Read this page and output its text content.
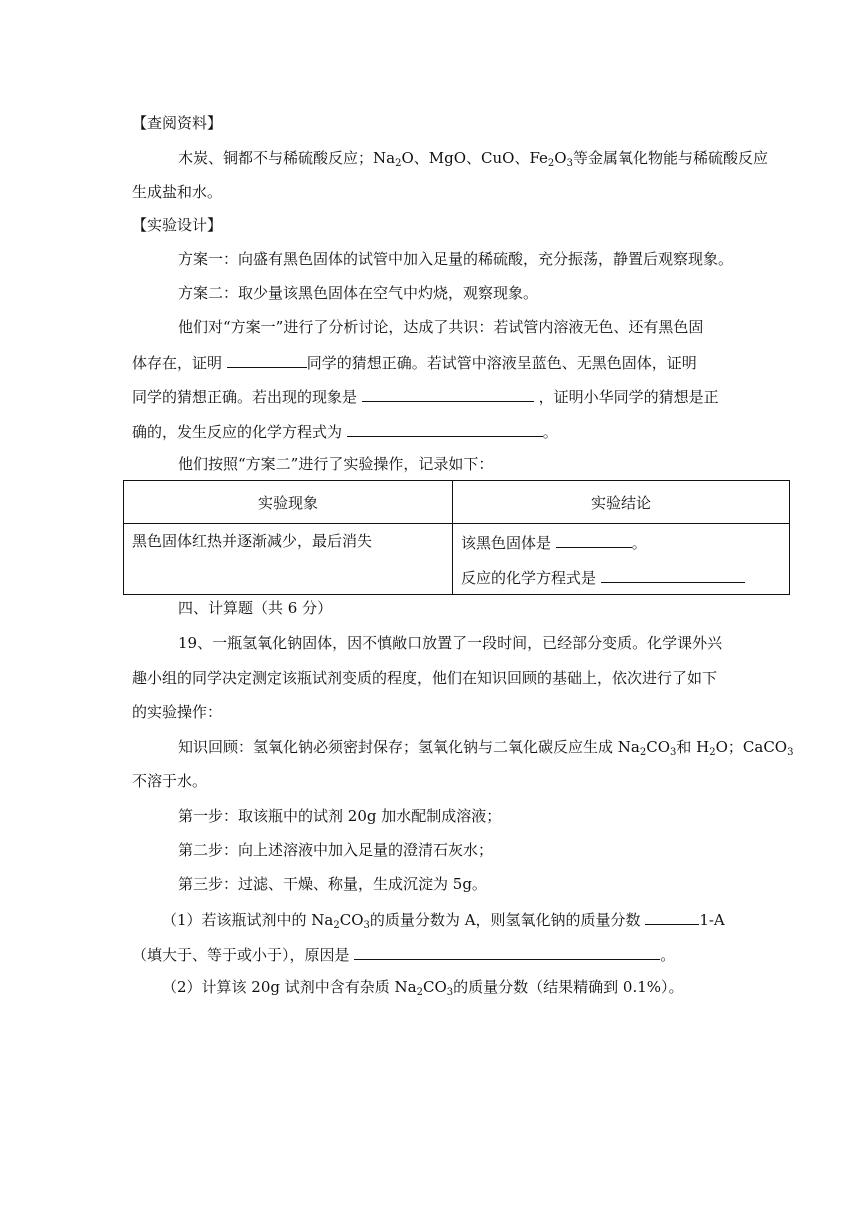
【查阅资料】
木炭、铜都不与稀硫酸反应；$Na_2O$、MgO、CuO、$Fe_2O_3$等金属氧化物能与稀硫酸反应
生成盐和水。
【实验设计】
方案一：向盛有黑色固体的试管中加入足量的稀硫酸，充分振荡，静置后观察现象。
方案二：取少量该黑色固体在空气中灼烧，观察现象。
他们对“方案一”进行了分析讨论，达成了共识：若试管内溶液无色、还有黑色固
体存在，证明	同学的猜想正确。若试管中溶液呈蓝色、无黑色固体，证明
同学的猜想正确。若出现的现象是	，证明小华同学的猜想是正
确的，发生反应的化学方程式为	。
他们按照“方案二”进行了实验操作，记录如下：
实验现象	实验结论

黑色固体红热并逐渐减少，最后消失	该黑色固体是 。
反应的化学方程式是
四、计算题（共 6 分）
19、一瓶氢氧化钠固体，因不慎敞口放置了一段时间，已经部分变质。化学课外兴
趣小组的同学决定测定该瓶试剂变质的程度，他们在知识回顾的基础上，依次进行了如下
的实验操作：
知识回顾：氢氧化钠必须密封保存；氢氧化钠与二氧化碳反应生成 $Na_2CO_3$和 $H_2O$；CaCO$_3$
不溶于水。
第一步：取该瓶中的试剂 20g 加水配制成溶液；
第二步：向上述溶液中加入足量的澄清石灰水；
第三步：过滤、干燥、称量，生成沉淀为 5g。
（1）若该瓶试剂中的 $Na_2CO_3$的质量分数为 A，则氢氧化钠的质量分数	1-A
（填大于、等于或小于），原因是	。
（2）计算该 20g 试剂中含有杂质 $Na_2CO_3$的质量分数（结果精确到 0.1%）。
